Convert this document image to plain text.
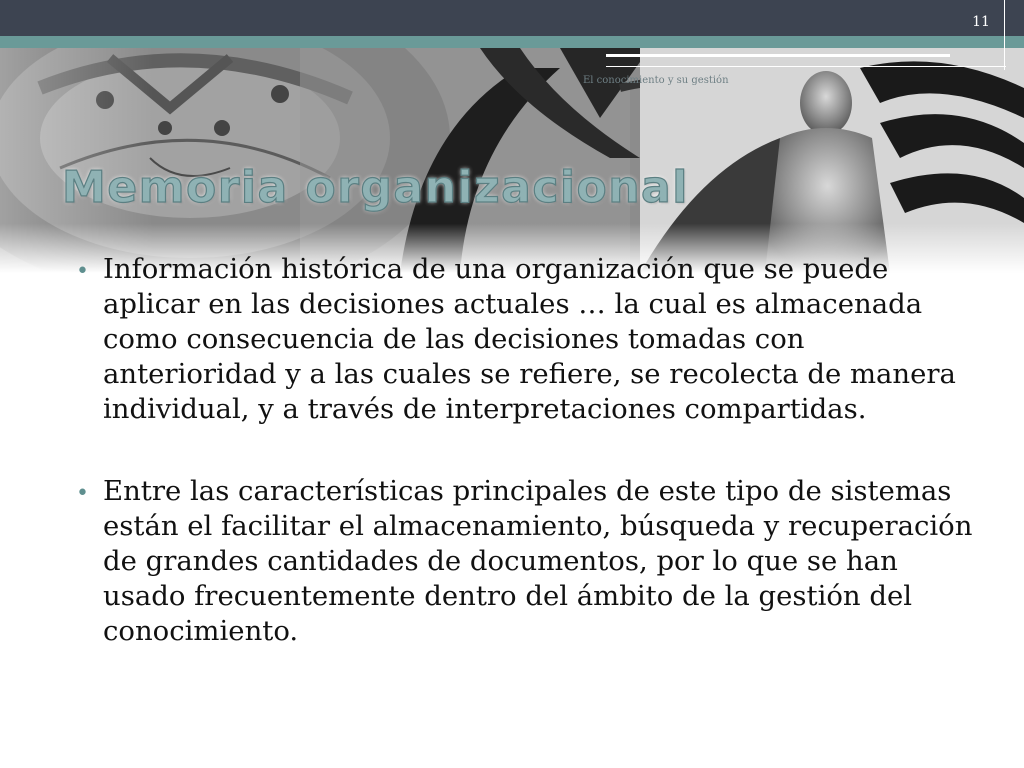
11
El conocimiento y su gestión
Memoria organizacional
• Información histórica de una organización que se puede aplicar en las decisiones actuales … la cual es almacenada como consecuencia de las decisiones tomadas con anterioridad y a las cuales se refiere, se recolecta de manera individual, y a través de interpretaciones compartidas.
• Entre las características principales de este tipo de sistemas están el facilitar el almacenamiento, búsqueda y recuperación de grandes cantidades de documentos, por lo que se han usado frecuentemente dentro del ámbito de la gestión del conocimiento.
